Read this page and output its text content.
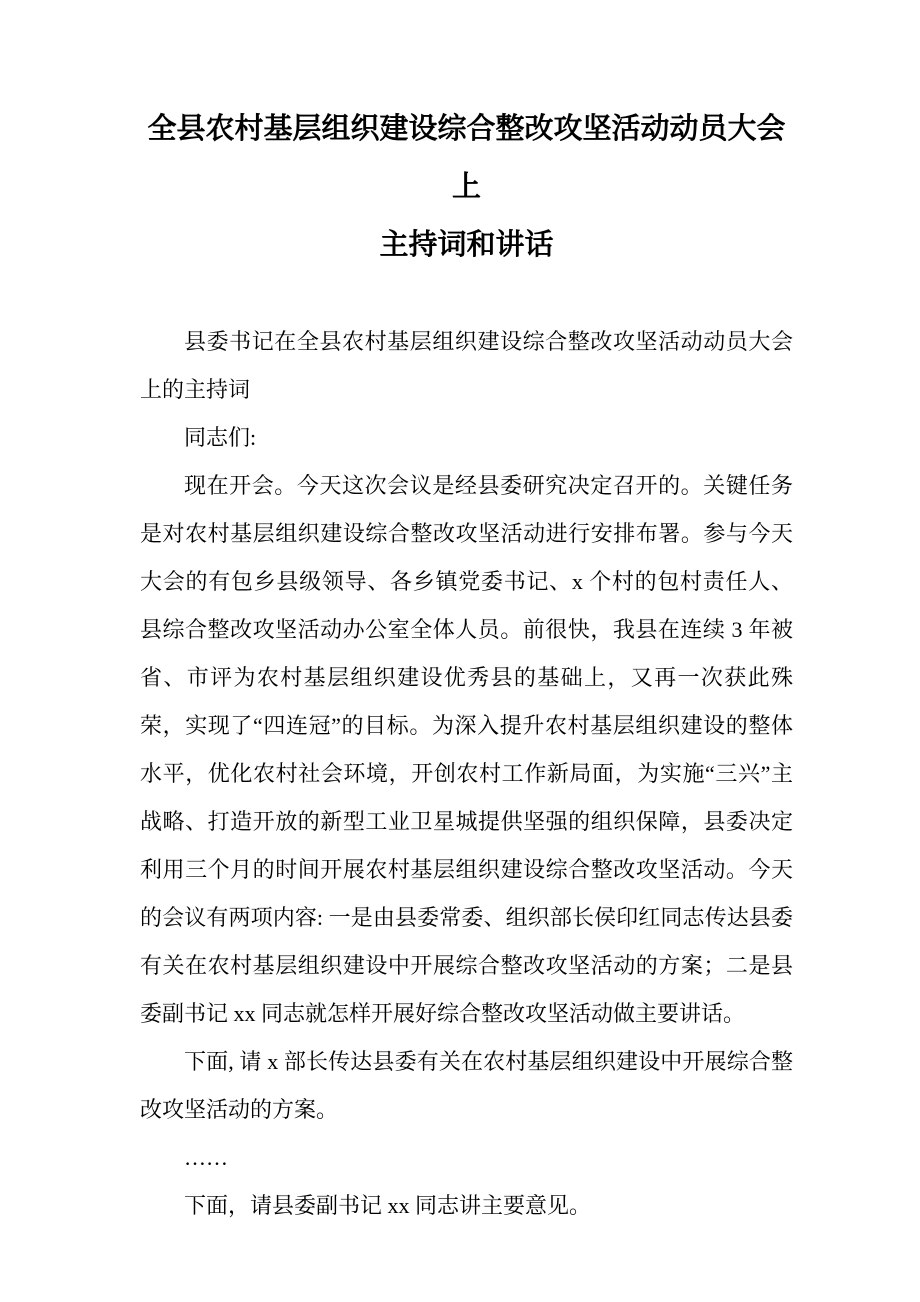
全县农村基层组织建设综合整改攻坚活动动员大会上
主持词和讲话

县委书记在全县农村基层组织建设综合整改攻坚活动动员大会上的主持词

同志们:

现在开会。今天这次会议是经县委研究决定召开的。关键任务是对农村基层组织建设综合整改攻坚活动进行安排布署。参与今天大会的有包乡县级领导、各乡镇党委书记、x 个村的包村责任人、县综合整改攻坚活动办公室全体人员。前很快，我县在连续 3 年被省、市评为农村基层组织建设优秀县的基础上，又再一次获此殊荣，实现了“四连冠”的目标。为深入提升农村基层组织建设的整体水平，优化农村社会环境，开创农村工作新局面，为实施“三兴”主战略、打造开放的新型工业卫星城提供坚强的组织保障，县委决定利用三个月的时间开展农村基层组织建设综合整改攻坚活动。今天的会议有两项内容: 一是由县委常委、组织部长侯印红同志传达县委有关在农村基层组织建设中开展综合整改攻坚活动的方案；二是县委副书记 xx 同志就怎样开展好综合整改攻坚活动做主要讲话。

下面, 请 x 部长传达县委有关在农村基层组织建设中开展综合整改攻坚活动的方案。

……

下面，请县委副书记 xx 同志讲主要意见。
